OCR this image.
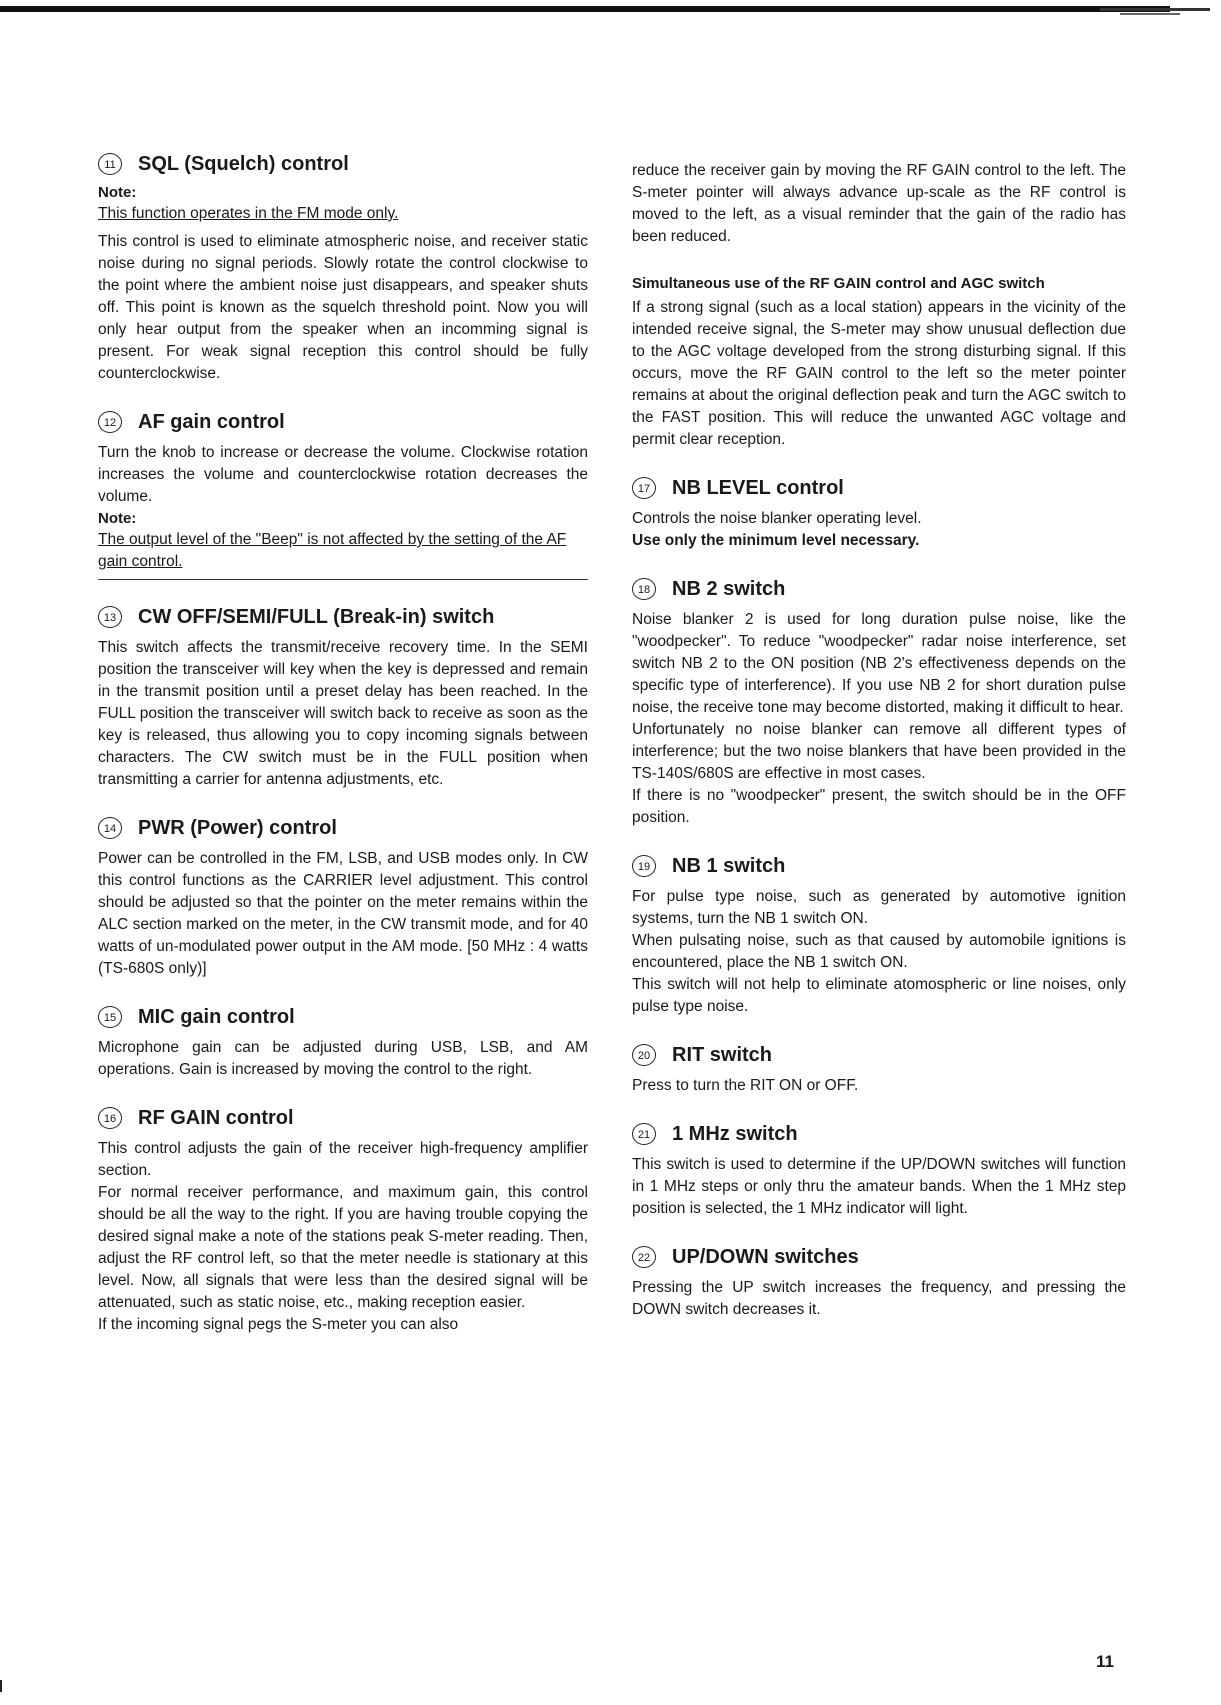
11	SQL (Squelch) control
Note:
This function operates in the FM mode only.

This control is used to eliminate atmospheric noise, and receiver static noise during no signal periods. Slowly rotate the control clockwise to the point where the ambient noise just disappears, and speaker shuts off. This point is known as the squelch threshold point. Now you will only hear output from the speaker when an incomming signal is present. For weak signal reception this control should be fully counterclockwise.

12 AF gain control

Turn the knob to increase or decrease the volume. Clockwise rotation increases the volume and counterclockwise rotation decreases the volume.

Note:
The output level of the "Beep" is not affected by the setting of the AF gain control.
13 CW OFF/SEMI/FULL (Break-in) switch

This switch affects the transmit/receive recovery time. In the SEMI position the transceiver will key when the key is depressed and remain in the transmit position until a preset delay has been reached. In the FULL position the transceiver will switch back to receive as soon as the key is released, thus allowing you to copy incoming signals between characters. The CW switch must be in the FULL position when transmitting a carrier for antenna adjustments, etc.

14 PWR (Power) control

Power can be controlled in the FM, LSB, and USB modes only. In CW this control functions as the CARRIER level adjustment. This control should be adjusted so that the pointer on the meter remains within the ALC section marked on the meter, in the CW transmit mode, and for 40 watts of un-modulated power output in the AM mode. [50 MHz : 4 watts (TS-680S only)]

15 MIC gain control

Microphone gain can be adjusted during USB, LSB, and AM operations. Gain is increased by moving the control to the right.

16 RF GAIN control

This control adjusts the gain of the receiver high-frequency amplifier section.

For normal receiver performance, and maximum gain, this control should be all the way to the right. If you are having trouble copying the desired signal make a note of the stations peak S-meter reading. Then, adjust the RF control left, so that the meter needle is stationary at this level. Now, all signals that were less than the desired signal will be attenuated, such as static noise, etc., making reception easier.

If the incoming signal pegs the S-meter you can also

reduce the receiver gain by moving the RF GAIN control to the left. The S-meter pointer will always advance up-scale as the RF control is moved to the left, as a visual reminder that the gain of the radio has been reduced.

Simultaneous use of the RF GAIN control and AGC switch

If a strong signal (such as a local station) appears in the vicinity of the intended receive signal, the S-meter may show unusual deflection due to the AGC voltage developed from the strong disturbing signal. If this occurs, move the RF GAIN control to the left so the meter pointer remains at about the original deflection peak and turn the AGC switch to the FAST position. This will reduce the unwanted AGC voltage and permit clear reception.

17 NB LEVEL control

Controls the noise blanker operating level.

Use only the minimum level necessary.

18 NB 2 switch

Noise blanker 2 is used for long duration pulse noise, like the "woodpecker". To reduce "woodpecker" radar noise interference, set switch NB 2 to the ON position (NB 2's effectiveness depends on the specific type of interference). If you use NB 2 for short duration pulse noise, the receive tone may become distorted, making it difficult to hear.

Unfortunately no noise blanker can remove all different types of interference; but the two noise blankers that have been provided in the TS-140S/680S are effective in most cases.

If there is no "woodpecker" present, the switch should be in the OFF position.

19 NB 1 switch

For pulse type noise, such as generated by automotive ignition systems, turn the NB 1 switch ON.

When pulsating noise, such as that caused by automobile ignitions is encountered, place the NB 1 switch ON.

This switch will not help to eliminate atomospheric or line noises, only pulse type noise.

20 RIT switch

Press to turn the RIT ON or OFF.

21 1 MHz switch

This switch is used to determine if the UP/DOWN switches will function in 1 MHz steps or only thru the amateur bands. When the 1 MHz step position is selected, the 1 MHz indicator will light.

22 UP/DOWN switches

Pressing the UP switch increases the frequency, and pressing the DOWN switch decreases it.

11
